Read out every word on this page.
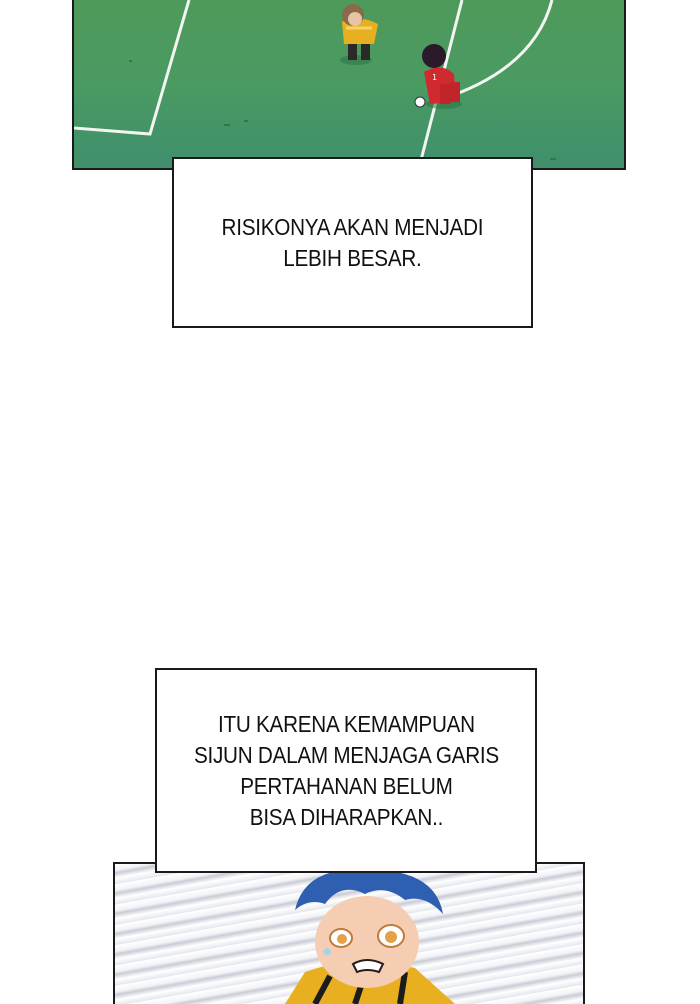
1
RISIKONYA AKAN MENJADI
LEBIH BESAR.
ITU KARENA KEMAMPUAN
SIJUN DALAM MENJAGA GARIS
PERTAHANAN BELUM
BISA DIHARAPKAN..
